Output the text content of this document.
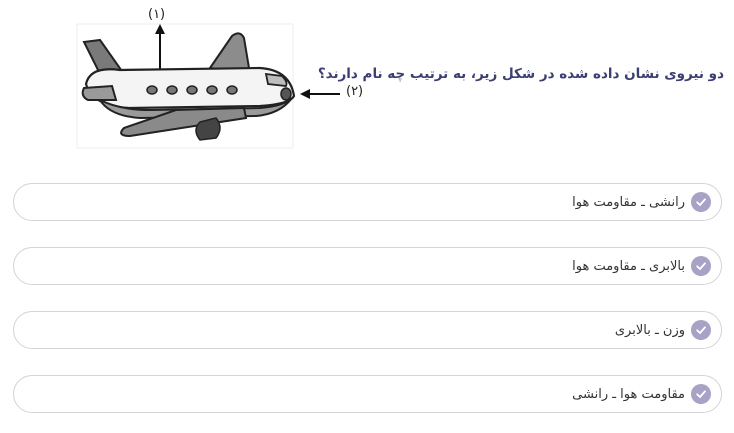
دو نیروی نشان داده شده در شکل زیر، به ترتیب چه نام دارند؟
(۱)
(۲)
رانشی ـ مقاومت هوا
بالابری ـ مقاومت هوا
وزن ـ بالابری
مقاومت هوا ـ رانشی
